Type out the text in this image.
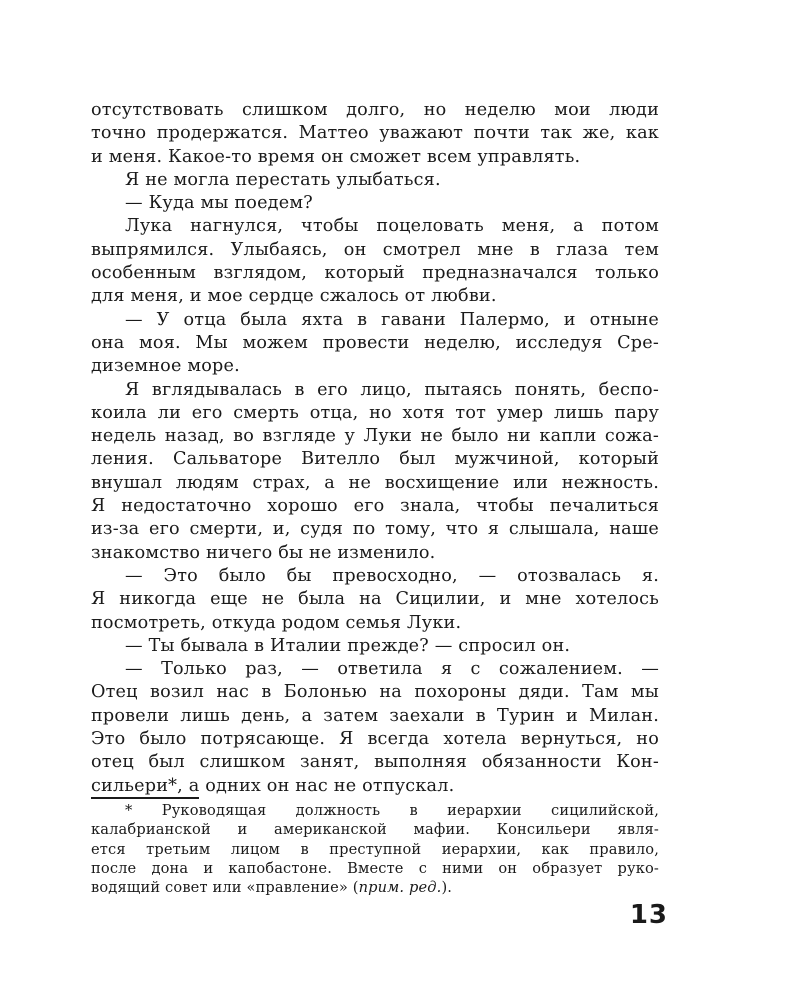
отсутствовать слишком долго, но неделю мои люди
точно продержатся. Маттео уважают почти так же, как
и меня. Какое-то время он сможет всем управлять.
Я не могла перестать улыбаться.
— Куда мы поедем?
Лука нагнулся, чтобы поцеловать меня, а потом
выпрямился. Улыбаясь, он смотрел мне в глаза тем
особенным взглядом, который предназначался только
для меня, и мое сердце сжалось от любви.
— У отца была яхта в гавани Палермо, и отныне
она моя. Мы можем провести неделю, исследуя Сре-
диземное море.
Я вглядывалась в его лицо, пытаясь понять, беспо-
коила ли его смерть отца, но хотя тот умер лишь пару
недель назад, во взгляде у Луки не было ни капли сожа-
ления. Сальваторе Вителло был мужчиной, который
внушал людям страх, а не восхищение или нежность.
Я недостаточно хорошо его знала, чтобы печалиться
из-за его смерти, и, судя по тому, что я слышала, наше
знакомство ничего бы не изменило.
— Это было бы превосходно, — отозвалась я.
Я никогда еще не была на Сицилии, и мне хотелось
посмотреть, откуда родом семья Луки.
— Ты бывала в Италии прежде? — спросил он.
— Только раз, — ответила я с сожалением. —
Отец возил нас в Болонью на похороны дяди. Там мы
провели лишь день, а затем заехали в Турин и Милан.
Это было потрясающе. Я всегда хотела вернуться, но
отец был слишком занят, выполняя обязанности Кон-
сильери*, а одних он нас не отпускал.
* Руководящая должность в иерархии сицилийской,
калабрианской и американской мафии. Консильери явля-
ется третьим лицом в преступной иерархии, как правило,
после дона и капобастоне. Вместе с ними он образует руко-
водящий совет или «правление» (прим. ред.).
13
